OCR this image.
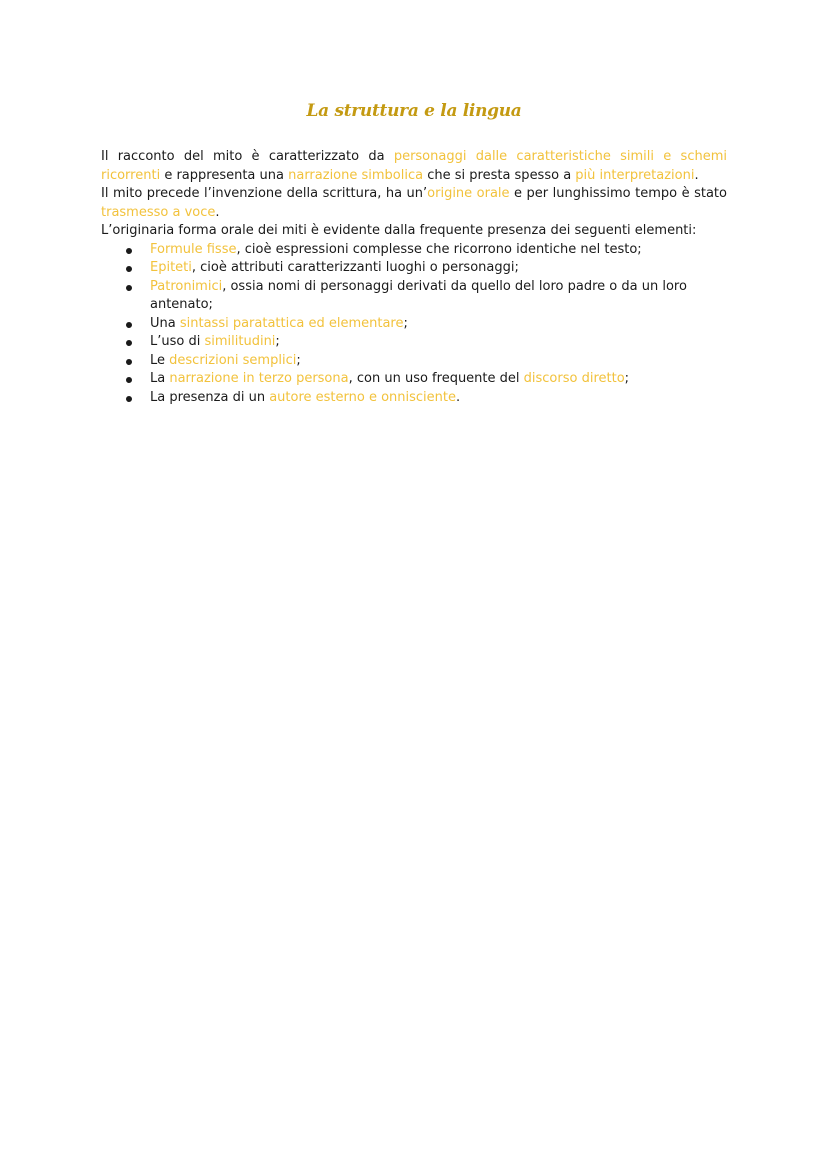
La struttura e la lingua

Il racconto del mito è caratterizzato da personaggi dalle caratteristiche simili e schemi ricorrenti e rappresenta una narrazione simbolica che si presta spesso a più interpretazioni.

Il mito precede l’invenzione della scrittura, ha un’origine orale e per lunghissimo tempo è stato trasmesso a voce.

L’originaria forma orale dei miti è evidente dalla frequente presenza dei seguenti elementi:

Formule fisse, cioè espressioni complesse che ricorrono identiche nel testo;
Epiteti, cioè attributi caratterizzanti luoghi o personaggi;
Patronimici, ossia nomi di personaggi derivati da quello del loro padre o da un loro antenato;
Una sintassi paratattica ed elementare;
L’uso di similitudini;
Le descrizioni semplici;
La narrazione in terzo persona, con un uso frequente del discorso diretto;
La presenza di un autore esterno e onnisciente.
